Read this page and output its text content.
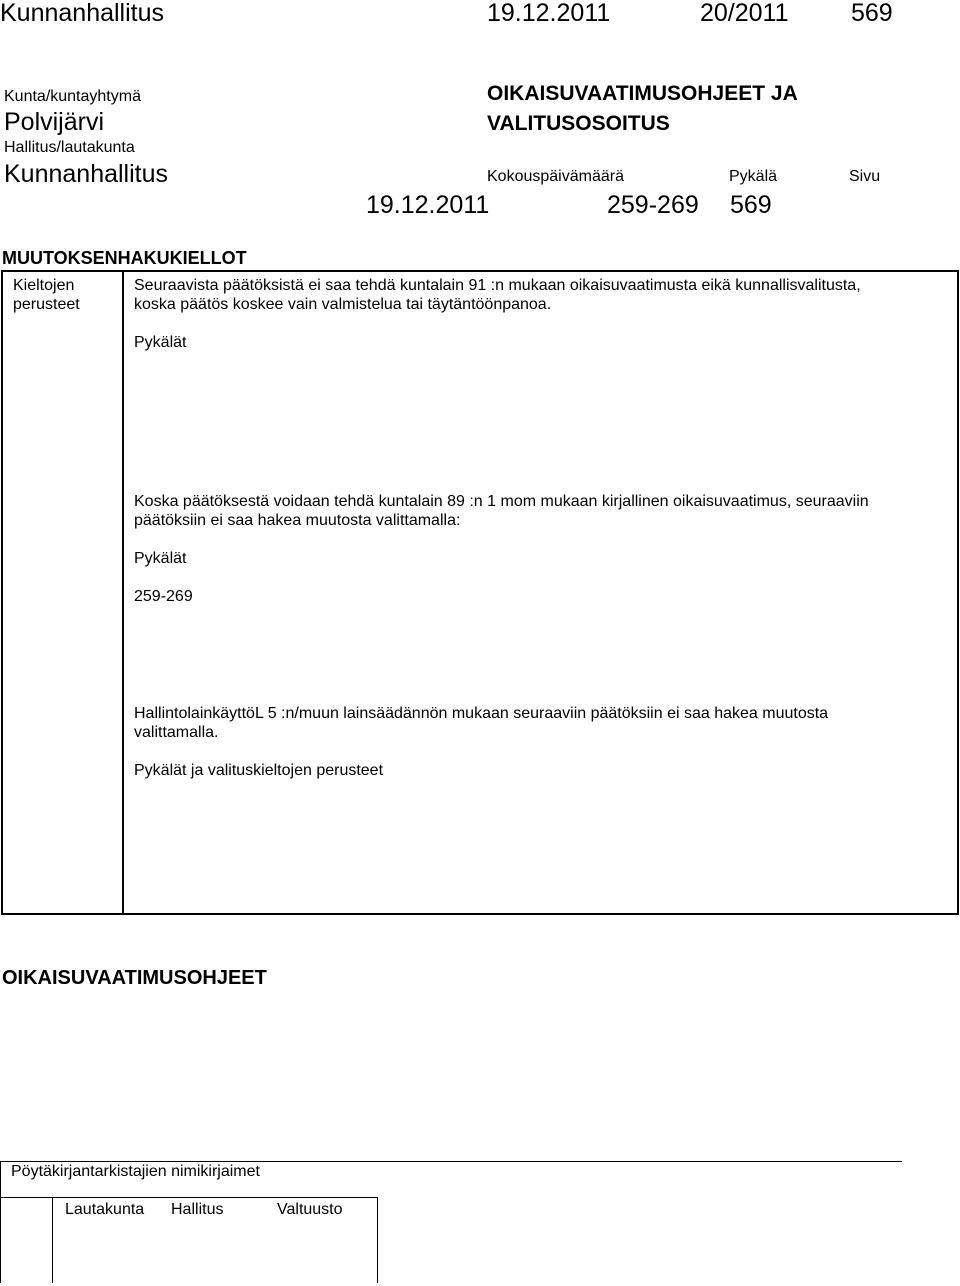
Kunnanhallitus	19.12.2011	20/2011 569
Kunta/kuntayhtymä
Polvijärvi
Hallitus/lautakunta
Kunnanhallitus
OIKAISUVAATIMUSOHJEET JA
VALITUSOSOITUS
Kokouspäivämäärä	Pykälä	Sivu
19.12.2011	259-269 569
MUUTOKSENHAKUKIELLOT
Kieltojen
perusteet
Seuraavista päätöksistä ei saa tehdä kuntalain 91 :n mukaan oikaisuvaatimusta eikä kunnallisvalitusta,
koska päätös koskee vain valmistelua tai täytäntöönpanoa.
Pykälät
Koska päätöksestä voidaan tehdä kuntalain 89 :n 1 mom mukaan kirjallinen oikaisuvaatimus, seuraaviin
päätöksiin ei saa hakea muutosta valittamalla:
Pykälät
259-269
HallintolainkäyttöL 5 :n/muun lainsäädännön mukaan seuraaviin päätöksiin ei saa hakea muutosta
valittamalla.
Pykälät ja valituskieltojen perusteet
OIKAISUVAATIMUSOHJEET
Pöytäkirjantarkistajien nimikirjaimet
Lautakunta Hallitus	Valtuusto
